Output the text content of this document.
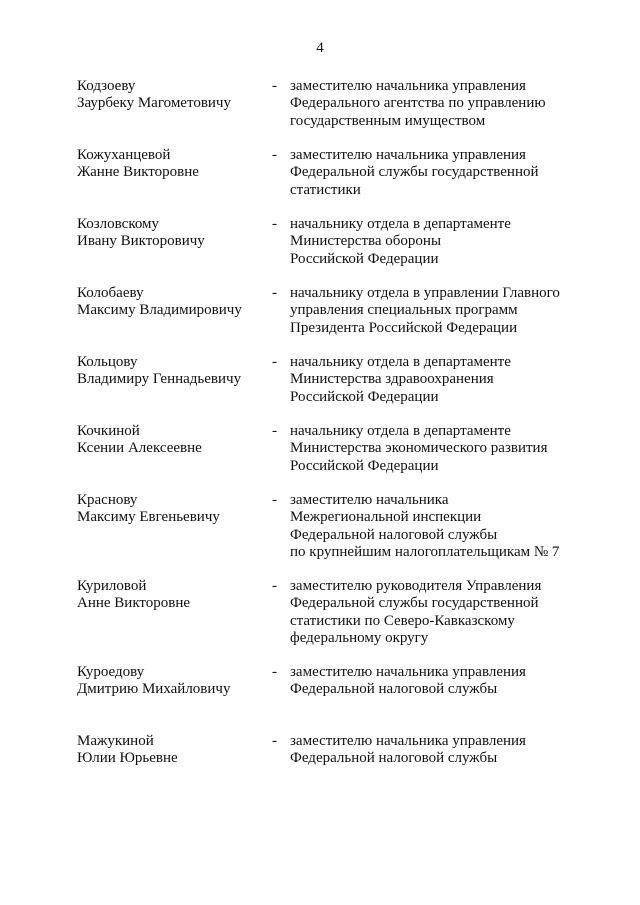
4
Кодзоеву
Заурбеку Магометовичу
- заместителю начальника управления
Федерального агентства по управлению
государственным имуществом
Кожуханцевой
Жанне Викторовне
- заместителю начальника управления
Федеральной службы государственной
статистики
Козловскому
Ивану Викторовичу
- начальнику отдела в департаменте
Министерства обороны
Российской Федерации
Колобаеву
Максиму Владимировичу
- начальнику отдела в управлении Главного
управления специальных программ
Президента Российской Федерации
Кольцову
Владимиру Геннадьевичу
- начальнику отдела в департаменте
Министерства здравоохранения
Российской Федерации
Кочкиной
Ксении Алексеевне
- начальнику отдела в департаменте
Министерства экономического развития
Российской Федерации
Краснову
Максиму Евгеньевичу
- заместителю начальника
Межрегиональной инспекции
Федеральной налоговой службы
по крупнейшим налогоплательщикам № 7
Куриловой
Анне Викторовне
- заместителю руководителя Управления
Федеральной службы государственной
статистики по Северо-Кавказскому
федеральному округу
Куроедову
Дмитрию Михайловичу
- заместителю начальника управления
Федеральной налоговой службы
Мажукиной
Юлии Юрьевне
- заместителю начальника управления
Федеральной налоговой службы
